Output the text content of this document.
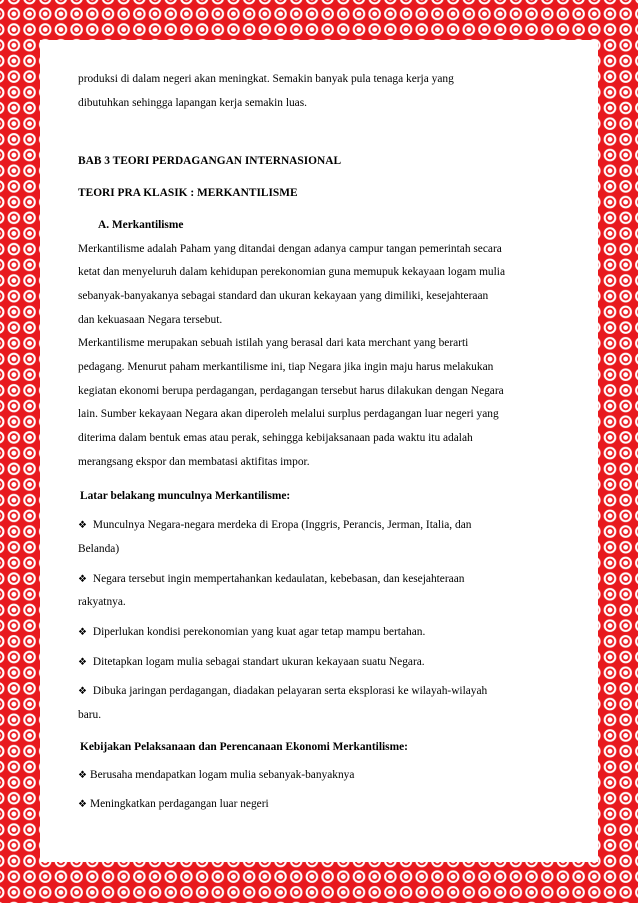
produksi di dalam negeri akan meningkat. Semakin banyak pula tenaga kerja yang
dibutuhkan sehingga lapangan kerja semakin luas.
BAB 3 TEORI PERDAGANGAN INTERNASIONAL
TEORI PRA KLASIK : MERKANTILISME
A. Merkantilisme
Merkantilisme adalah Paham yang ditandai dengan adanya campur tangan pemerintah secara
ketat dan menyeluruh dalam kehidupan perekonomian guna memupuk kekayaan logam mulia
sebanyak-banyakanya sebagai standard dan ukuran kekayaan yang dimiliki, kesejahteraan
dan kekuasaan Negara tersebut.
Merkantilisme merupakan sebuah istilah yang berasal dari kata merchant yang berarti
pedagang. Menurut paham merkantilisme ini, tiap Negara jika ingin maju harus melakukan
kegiatan ekonomi berupa perdagangan, perdagangan tersebut harus dilakukan dengan Negara
lain. Sumber kekayaan Negara akan diperoleh melalui surplus perdagangan luar negeri yang
diterima dalam bentuk emas atau perak, sehingga kebijaksanaan pada waktu itu adalah
merangsang ekspor dan membatasi aktifitas impor.
Latar belakang munculnya Merkantilisme:
❖ Munculnya Negara-negara merdeka di Eropa (Inggris, Perancis, Jerman, Italia, dan
Belanda)
❖ Negara tersebut ingin mempertahankan kedaulatan, kebebasan, dan kesejahteraan
rakyatnya.
❖ Diperlukan kondisi perekonomian yang kuat agar tetap mampu bertahan.
❖ Ditetapkan logam mulia sebagai standart ukuran kekayaan suatu Negara.
❖ Dibuka jaringan perdagangan, diadakan pelayaran serta eksplorasi ke wilayah-wilayah
baru.
Kebijakan Pelaksanaan dan Perencanaan Ekonomi Merkantilisme:
❖ Berusaha mendapatkan logam mulia sebanyak-banyaknya
❖ Meningkatkan perdagangan luar negeri
